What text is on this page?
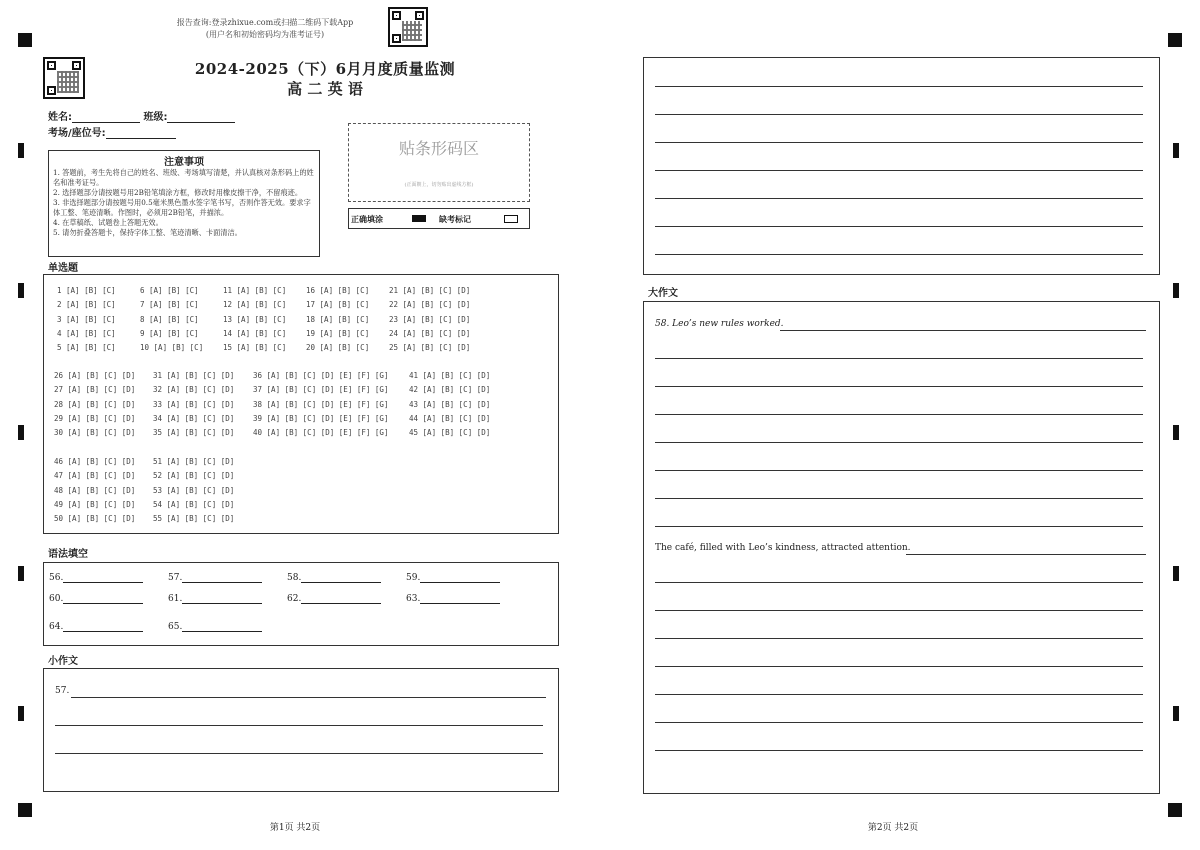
报告查询:登录zhixue.com或扫描二维码下载App
(用户名和初始密码均为准考证号)
2024-2025（下）6月月度质量监测
高 二 英 语
姓名:	班级:
考场/座位号:
注意事项
1. 答题前，考生先将自己的姓名、班级、考场填写清楚，并认真核对条形码上的姓名和准考证号。
2. 选择题部分请按题号用2B铅笔填涂方框，修改时用橡皮擦干净，不留痕迹。
3. 非选择题部分请按题号用0.5毫米黑色墨水签字笔书写，否则作答无效。要求字体工整、笔迹清晰。作图时，必须用2B铅笔，并描浓。
4. 在草稿纸、试题卷上答题无效。
5. 请勿折叠答题卡，保持字体工整、笔迹清晰、卡面清洁。
贴条形码区
(正面朝上，切勿贴出虚线方框)
正确填涂	缺考标记
单选题
1 [A] [B] [C]	6 [A] [B] [C]	11 [A] [B] [C]	16 [A] [B] [C]	21 [A] [B] [C] [D]
2 [A] [B] [C]	7 [A] [B] [C]	12 [A] [B] [C]	17 [A] [B] [C]	22 [A] [B] [C] [D]
3 [A] [B] [C]	8 [A] [B] [C]	13 [A] [B] [C]	18 [A] [B] [C]	23 [A] [B] [C] [D]
4 [A] [B] [C]	9 [A] [B] [C]	14 [A] [B] [C]	19 [A] [B] [C]	24 [A] [B] [C] [D]
5 [A] [B] [C]	10 [A] [B] [C]	15 [A] [B] [C]	20 [A] [B] [C]	25 [A] [B] [C] [D]
26 [A] [B] [C] [D] 31 [A] [B] [C] [D] 36 [A] [B] [C] [D] [E] [F] [G]	41 [A] [B] [C] [D]
27 [A] [B] [C] [D] 32 [A] [B] [C] [D] 37 [A] [B] [C] [D] [E] [F] [G]	42 [A] [B] [C] [D]
28 [A] [B] [C] [D] 33 [A] [B] [C] [D] 38 [A] [B] [C] [D] [E] [F] [G]	43 [A] [B] [C] [D]
29 [A] [B] [C] [D] 34 [A] [B] [C] [D] 39 [A] [B] [C] [D] [E] [F] [G]	44 [A] [B] [C] [D]
30 [A] [B] [C] [D] 35 [A] [B] [C] [D] 40 [A] [B] [C] [D] [E] [F] [G]	45 [A] [B] [C] [D]
46 [A] [B] [C] [D] 51 [A] [B] [C] [D]
47 [A] [B] [C] [D] 52 [A] [B] [C] [D]
48 [A] [B] [C] [D] 53 [A] [B] [C] [D]
49 [A] [B] [C] [D] 54 [A] [B] [C] [D]
50 [A] [B] [C] [D] 55 [A] [B] [C] [D]
语法填空
56.	57.	58.	59.
60.	61.	62.	63.
64.	65.
小作文
57.
第1页 共2页
大作文
58. Leo’s new rules worked.
The café, filled with Leo’s kindness, attracted attention.
第2页 共2页
